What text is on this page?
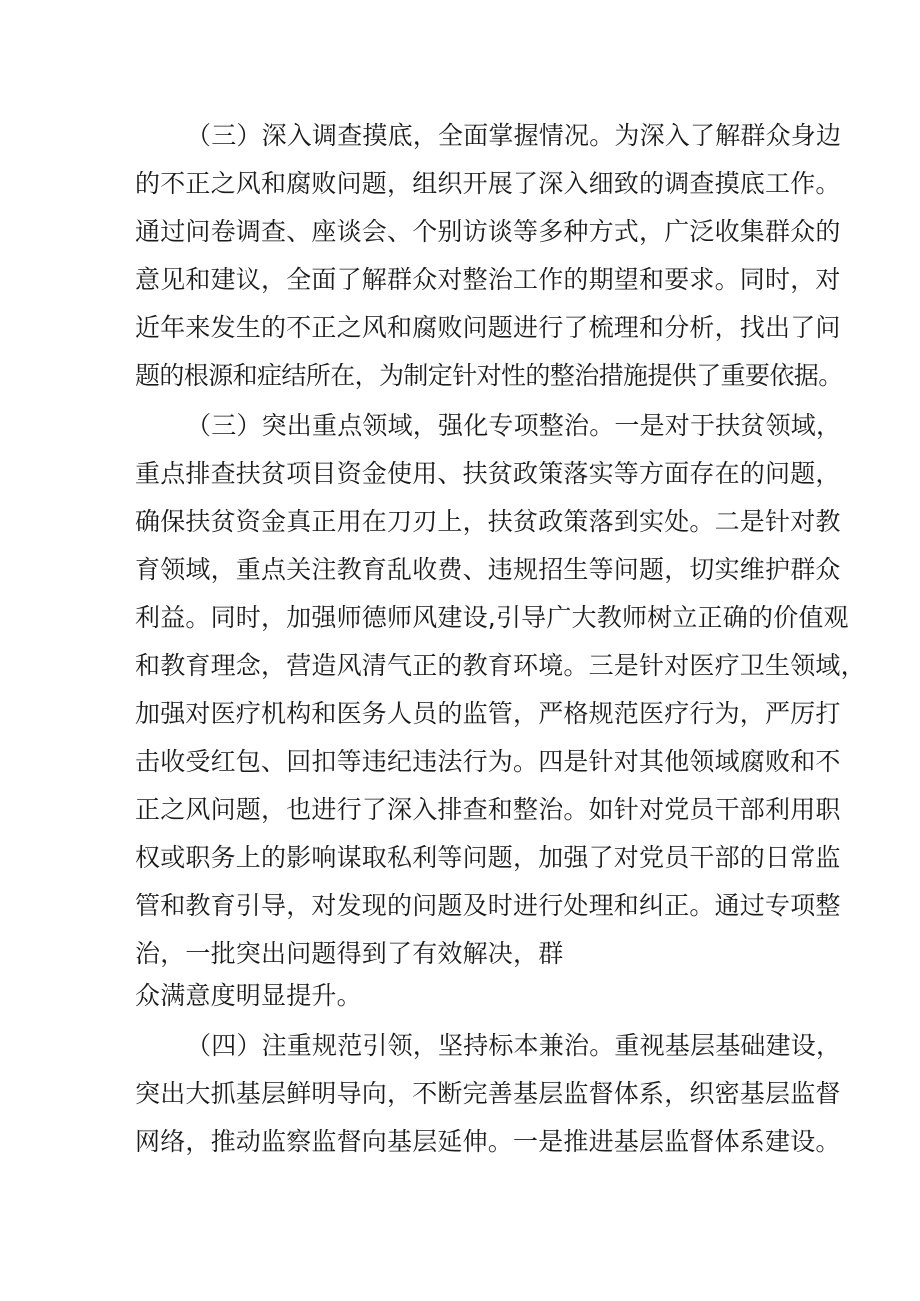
（三）深入调查摸底，全面掌握情况。为深入了解群众身边
的不正之风和腐败问题，组织开展了深入细致的调查摸底工作。
通过问卷调查、座谈会、个别访谈等多种方式，广泛收集群众的
意见和建议，全面了解群众对整治工作的期望和要求。同时，对
近年来发生的不正之风和腐败问题进行了梳理和分析，找出了问
题的根源和症结所在，为制定针对性的整治措施提供了重要依据。
（三）突出重点领域，强化专项整治。一是对于扶贫领域，
重点排查扶贫项目资金使用、扶贫政策落实等方面存在的问题，
确保扶贫资金真正用在刀刃上，扶贫政策落到实处。二是针对教
育领域，重点关注教育乱收费、违规招生等问题，切实维护群众
利益。同时，加强师德师风建设,引导广大教师树立正确的价值观
和教育理念，营造风清气正的教育环境。三是针对医疗卫生领域，
加强对医疗机构和医务人员的监管，严格规范医疗行为，严厉打
击收受红包、回扣等违纪违法行为。四是针对其他领域腐败和不
正之风问题，也进行了深入排查和整治。如针对党员干部利用职
权或职务上的影响谋取私利等问题，加强了对党员干部的日常监
管和教育引导，对发现的问题及时进行处理和纠正。通过专项整
治，一批突出问题得到了有效解决，群
众满意度明显提升。
（四）注重规范引领，坚持标本兼治。重视基层基础建设，
突出大抓基层鲜明导向，不断完善基层监督体系，织密基层监督
网络，推动监察监督向基层延伸。一是推进基层监督体系建设。
